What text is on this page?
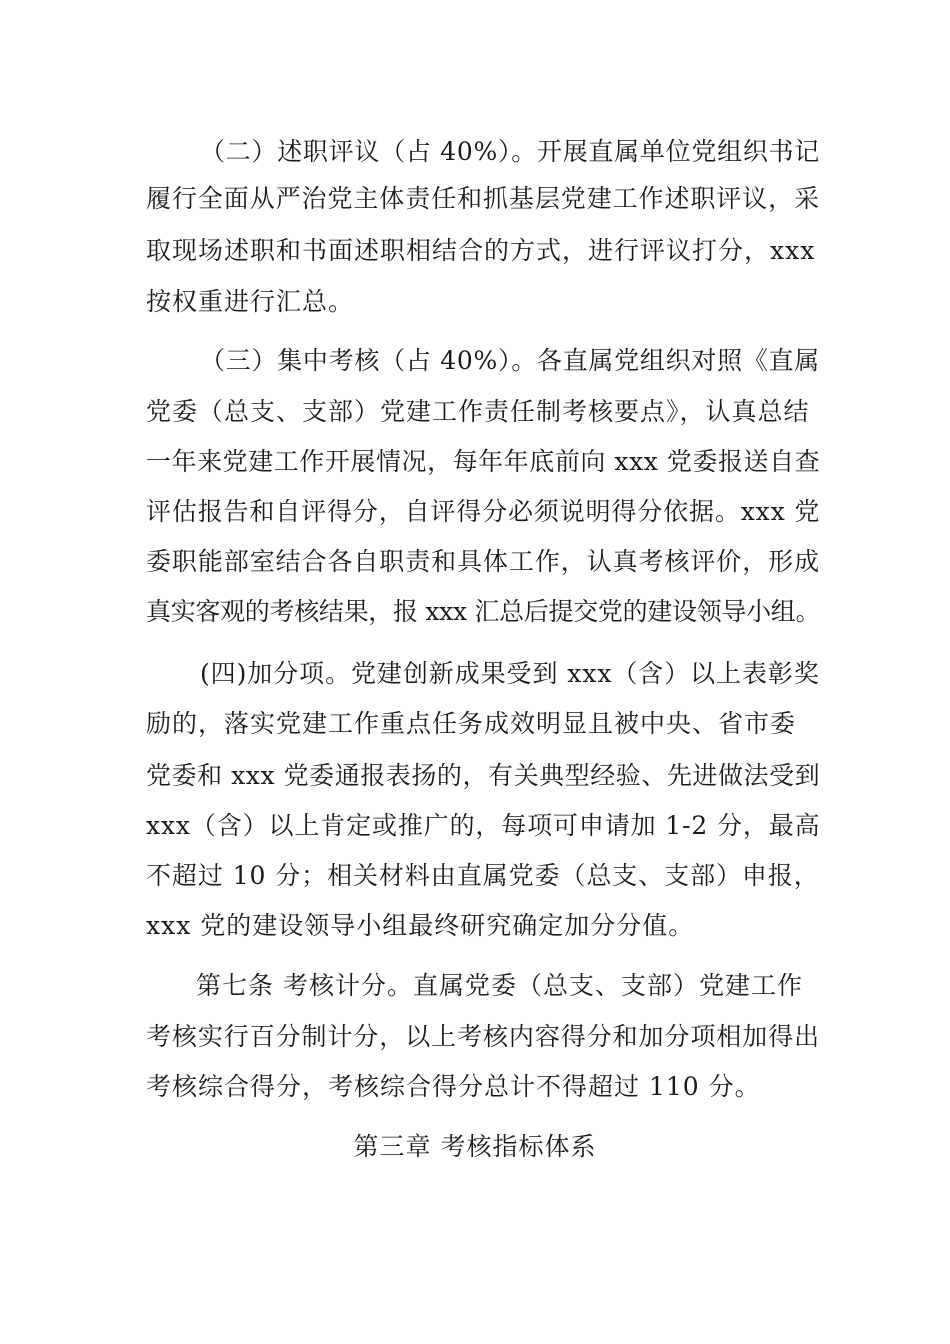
（二）述职评议（占 40%）。开展直属单位党组织书记
履行全面从严治党主体责任和抓基层党建工作述职评议，采
取现场述职和书面述职相结合的方式，进行评议打分，xxx
按权重进行汇总。
（三）集中考核（占 40%）。各直属党组织对照《直属
党委（总支、支部）党建工作责任制考核要点》，认真总结
一年来党建工作开展情况，每年年底前向 xxx 党委报送自查
评估报告和自评得分，自评得分必须说明得分依据。xxx 党
委职能部室结合各自职责和具体工作，认真考核评价，形成
真实客观的考核结果，报 xxx 汇总后提交党的建设领导小组。
(四)加分项。党建创新成果受到 xxx（含）以上表彰奖
励的，落实党建工作重点任务成效明显且被中央、省市委
党委和 xxx 党委通报表扬的，有关典型经验、先进做法受到
xxx（含）以上肯定或推广的，每项可申请加 1-2 分，最高
不超过 10 分；相关材料由直属党委（总支、支部）申报，
xxx 党的建设领导小组最终研究确定加分分值。
第七条 考核计分。直属党委（总支、支部）党建工作
考核实行百分制计分，以上考核内容得分和加分项相加得出
考核综合得分，考核综合得分总计不得超过 110 分。
第三章 考核指标体系
